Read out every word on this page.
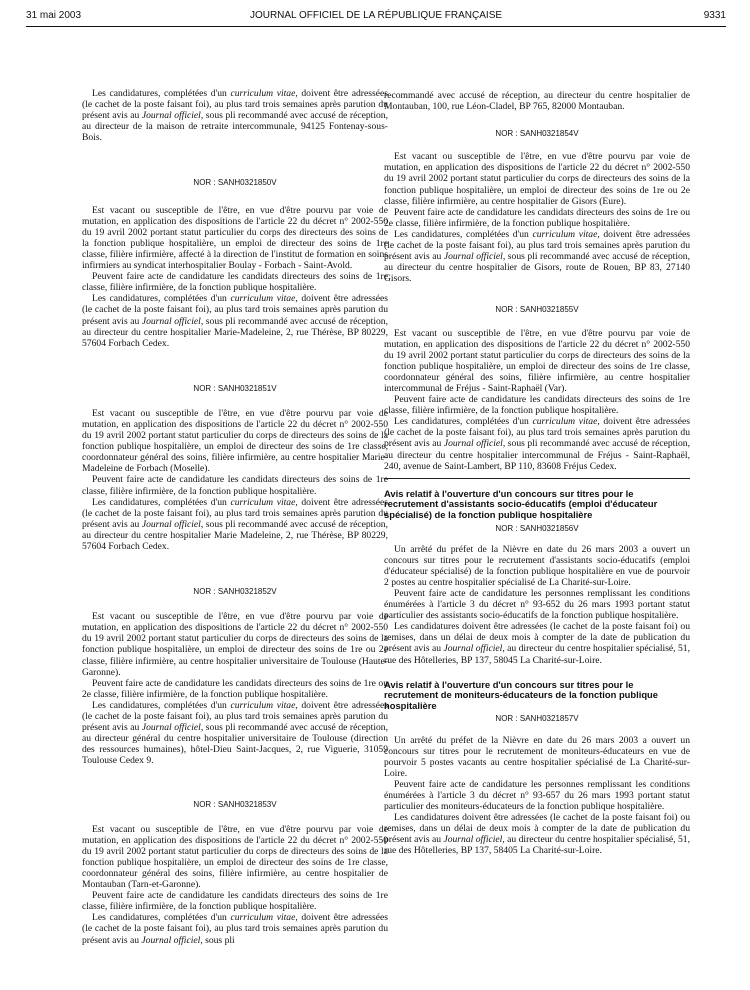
31 mai 2003	JOURNAL OFFICIEL DE LA RÉPUBLIQUE FRANÇAISE	9331

Les candidatures, complétées d'un curriculum vitae, doivent être adressées (le cachet de la poste faisant foi), au plus tard trois semaines après parution du présent avis au Journal officiel, sous pli recommandé avec accusé de réception, au directeur de la maison de retraite intercommunale, 94125 Fontenay-sous-Bois.

NOR : SANH0321850V

Est vacant ou susceptible de l'être, en vue d'être pourvu par voie de mutation, en application des dispositions de l'article 22 du décret n° 2002-550 du 19 avril 2002 portant statut particulier du corps des directeurs des soins de la fonction publique hospitalière, un emploi de directeur des soins de 1re classe, filière infirmière, affecté à la direction de l'institut de formation en soins infirmiers au syndicat interhospitalier Boulay - Forbach - Saint-Avold.

Peuvent faire acte de candidature les candidats directeurs des soins de 1re classe, filière infirmière, de la fonction publique hospitalière.

Les candidatures, complétées d'un curriculum vitae, doivent être adressées (le cachet de la poste faisant foi), au plus tard trois semaines après parution du présent avis au Journal officiel, sous pli recommandé avec accusé de réception, au directeur du centre hospitalier Marie-Madeleine, 2, rue Thérèse, BP 80229, 57604 Forbach Cedex.

NOR : SANH0321851V

Est vacant ou susceptible de l'être, en vue d'être pourvu par voie de mutation, en application des dispositions de l'article 22 du décret n° 2002-550 du 19 avril 2002 portant statut particulier du corps de directeurs des soins de la fonction publique hospitalière, un emploi de directeur des soins de 1re classe, coordonnateur général des soins, filière infirmière, au centre hospitalier Marie-Madeleine de Forbach (Moselle).

Peuvent faire acte de candidature les candidats directeurs des soins de 1re classe, filière infirmière, de la fonction publique hospitalière.

Les candidatures, complétées d'un curriculum vitae, doivent être adressées (le cachet de la poste faisant foi), au plus tard trois semaines après parution du présent avis au Journal officiel, sous pli recommandé avec accusé de réception, au directeur du centre hospitalier Marie Madeleine, 2, rue Thérèse, BP 80229, 57604 Forbach Cedex.

NOR : SANH0321852V

Est vacant ou susceptible de l'être, en vue d'être pourvu par voie de mutation, en application des dispositions de l'article 22 du décret n° 2002-550 du 19 avril 2002 portant statut particulier du corps de directeurs des soins de la fonction publique hospitalière, un emploi de directeur des soins de 1re ou 2e classe, filière infirmière, au centre hospitalier universitaire de Toulouse (Haute-Garonne).

Peuvent faire acte de candidature les candidats directeurs des soins de 1re ou 2e classe, filière infirmière, de la fonction publique hospitalière.

Les candidatures, complétées d'un curriculum vitae, doivent être adressées (le cachet de la poste faisant foi), au plus tard trois semaines après parution du présent avis au Journal officiel, sous pli recommandé avec accusé de réception, au directeur général du centre hospitalier universitaire de Toulouse (direction des ressources humaines), hôtel-Dieu Saint-Jacques, 2, rue Viguerie, 31059 Toulouse Cedex 9.

NOR : SANH0321853V

Est vacant ou susceptible de l'être, en vue d'être pourvu par voie de mutation, en application des dispositions de l'article 22 du décret n° 2002-550 du 19 avril 2002 portant statut particulier du corps de directeurs des soins de la fonction publique hospitalière, un emploi de directeur des soins de 1re classe, coordonnateur général des soins, filière infirmière, au centre hospitalier de Montauban (Tarn-et-Garonne).

Peuvent faire acte de candidature les candidats directeurs des soins de 1re classe, filière infirmière, de la fonction publique hospitalière.

Les candidatures, complétées d'un curriculum vitae, doivent être adressées (le cachet de la poste faisant foi), au plus tard trois semaines après parution du présent avis au Journal officiel, sous pli

recommandé avec accusé de réception, au directeur du centre hospitalier de Montauban, 100, rue Léon-Cladel, BP 765, 82000 Montauban.

NOR : SANH0321854V

Est vacant ou susceptible de l'être, en vue d'être pourvu par voie de mutation, en application des dispositions de l'article 22 du décret n° 2002-550 du 19 avril 2002 portant statut particulier du corps de directeurs des soins de la fonction publique hospitalière, un emploi de directeur des soins de 1re ou 2e classe, filière infirmière, au centre hospitalier de Gisors (Eure).

Peuvent faire acte de candidature les candidats directeurs des soins de 1re ou 2e classe, filière infirmière, de la fonction publique hospitalière.

Les candidatures, complétées d'un curriculum vitae, doivent être adressées (le cachet de la poste faisant foi), au plus tard trois semaines après parution du présent avis au Journal officiel, sous pli recommandé avec accusé de réception, au directeur du centre hospitalier de Gisors, route de Rouen, BP 83, 27140 Gisors.

NOR : SANH0321855V

Est vacant ou susceptible de l'être, en vue d'être pourvu par voie de mutation, en application des dispositions de l'article 22 du décret n° 2002-550 du 19 avril 2002 portant statut particulier du corps de directeurs des soins de la fonction publique hospitalière, un emploi de directeur des soins de 1re classe, coordonnateur général des soins, filière infirmière, au centre hospitalier intercommunal de Fréjus - Saint-Raphaël (Var).

Peuvent faire acte de candidature les candidats directeurs des soins de 1re classe, filière infirmière, de la fonction publique hospitalière.

Les candidatures, complétées d'un curriculum vitae, doivent être adressées (le cachet de la poste faisant foi), au plus tard trois semaines après parution du présent avis au Journal officiel, sous pli recommandé avec accusé de réception, au directeur du centre hospitalier intercommunal de Fréjus - Saint-Raphaël, 240, avenue de Saint-Lambert, BP 110, 83608 Fréjus Cedex.

Avis relatif à l'ouverture d'un concours sur titres pour le recrutement d'assistants socio-éducatifs (emploi d'éducateur spécialisé) de la fonction publique hospitalière

NOR : SANH0321856V

Un arrêté du préfet de la Nièvre en date du 26 mars 2003 a ouvert un concours sur titres pour le recrutement d'assistants socio-éducatifs (emploi d'éducateur spécialisé) de la fonction publique hospitalière en vue de pourvoir 2 postes au centre hospitalier spécialisé de La Charité-sur-Loire.

Peuvent faire acte de candidature les personnes remplissant les conditions énumérées à l'article 3 du décret n° 93-652 du 26 mars 1993 portant statut particulier des assistants socio-éducatifs de la fonction publique hospitalière.

Les candidatures doivent être adressées (le cachet de la poste faisant foi) ou remises, dans un délai de deux mois à compter de la date de publication du présent avis au Journal officiel, au directeur du centre hospitalier spécialisé, 51, rue des Hôtelleries, BP 137, 58045 La Charité-sur-Loire.

Avis relatif à l'ouverture d'un concours sur titres pour le recrutement de moniteurs-éducateurs de la fonction publique hospitalière

NOR : SANH0321857V

Un arrêté du préfet de la Nièvre en date du 26 mars 2003 a ouvert un concours sur titres pour le recrutement de moniteurs-éducateurs en vue de pourvoir 5 postes vacants au centre hospitalier spécialisé de La Charité-sur-Loire.

Peuvent faire acte de candidature les personnes remplissant les conditions énumérées à l'article 3 du décret n° 93-657 du 26 mars 1993 portant statut particulier des moniteurs-éducateurs de la fonction publique hospitalière.

Les candidatures doivent être adressées (le cachet de la poste faisant foi) ou remises, dans un délai de deux mois à compter de la date de publication du présent avis au Journal officiel, au directeur du centre hospitalier spécialisé, 51, rue des Hôtelleries, BP 137, 58405 La Charité-sur-Loire.
